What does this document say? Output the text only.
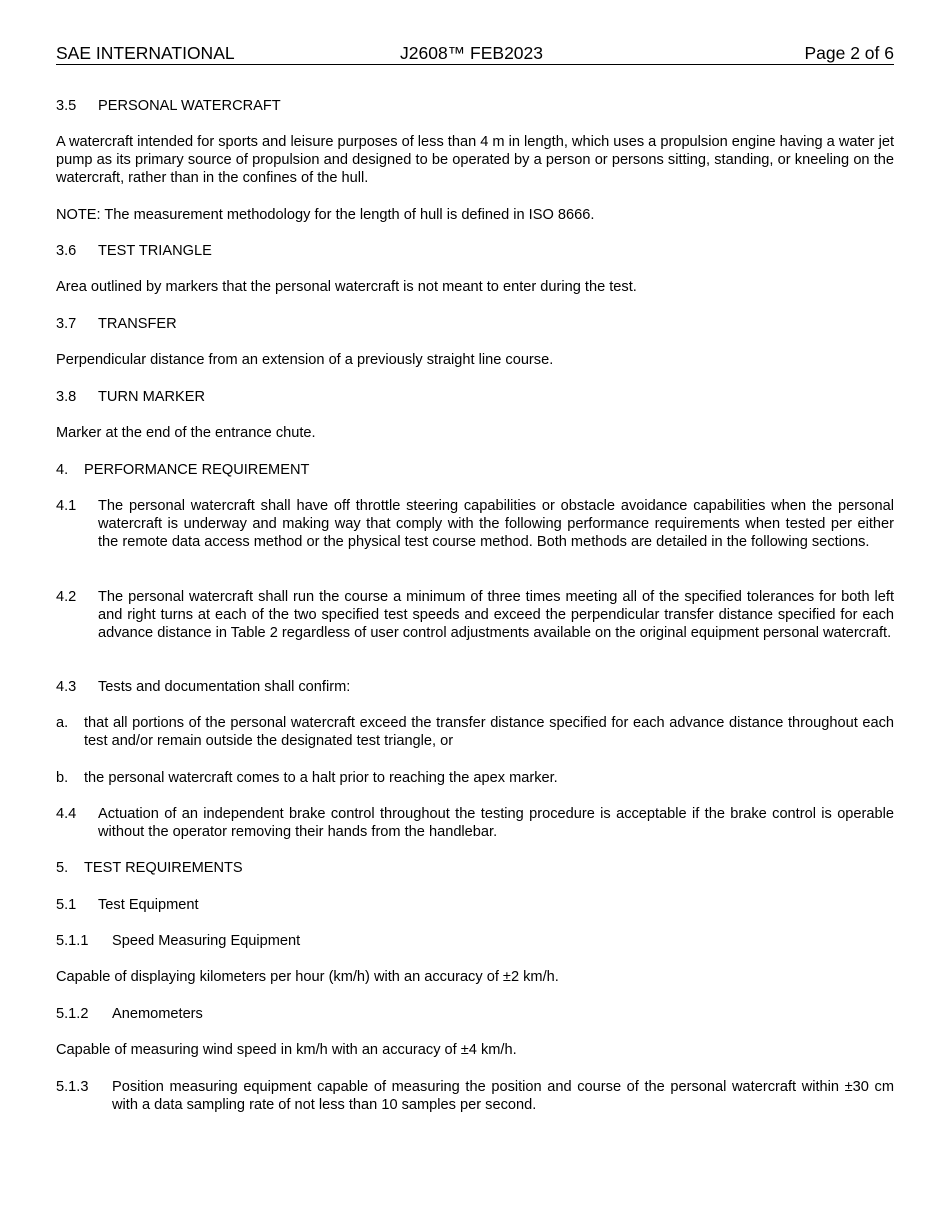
SAE INTERNATIONAL	J2608™ FEB2023	Page 2 of 6
3.5 PERSONAL WATERCRAFT
A watercraft intended for sports and leisure purposes of less than 4 m in length, which uses a propulsion engine having a water jet pump as its primary source of propulsion and designed to be operated by a person or persons sitting, standing, or kneeling on the watercraft, rather than in the confines of the hull.
NOTE: The measurement methodology for the length of hull is defined in ISO 8666.
3.6 TEST TRIANGLE
Area outlined by markers that the personal watercraft is not meant to enter during the test.
3.7 TRANSFER
Perpendicular distance from an extension of a previously straight line course.
3.8 TURN MARKER
Marker at the end of the entrance chute.
4. PERFORMANCE REQUIREMENT
4.1 The personal watercraft shall have off throttle steering capabilities or obstacle avoidance capabilities when the personal watercraft is underway and making way that comply with the following performance requirements when tested per either the remote data access method or the physical test course method. Both methods are detailed in the following sections.
4.2 The personal watercraft shall run the course a minimum of three times meeting all of the specified tolerances for both left and right turns at each of the two specified test speeds and exceed the perpendicular transfer distance specified for each advance distance in Table 2 regardless of user control adjustments available on the original equipment personal watercraft.
4.3 Tests and documentation shall confirm:
a. that all portions of the personal watercraft exceed the transfer distance specified for each advance distance throughout each test and/or remain outside the designated test triangle, or
b. the personal watercraft comes to a halt prior to reaching the apex marker.
4.4 Actuation of an independent brake control throughout the testing procedure is acceptable if the brake control is operable without the operator removing their hands from the handlebar.
5. TEST REQUIREMENTS
5.1 Test Equipment
5.1.1 Speed Measuring Equipment
Capable of displaying kilometers per hour (km/h) with an accuracy of ±2 km/h.
5.1.2 Anemometers
Capable of measuring wind speed in km/h with an accuracy of ±4 km/h.
5.1.3 Position measuring equipment capable of measuring the position and course of the personal watercraft within ±30 cm with a data sampling rate of not less than 10 samples per second.
